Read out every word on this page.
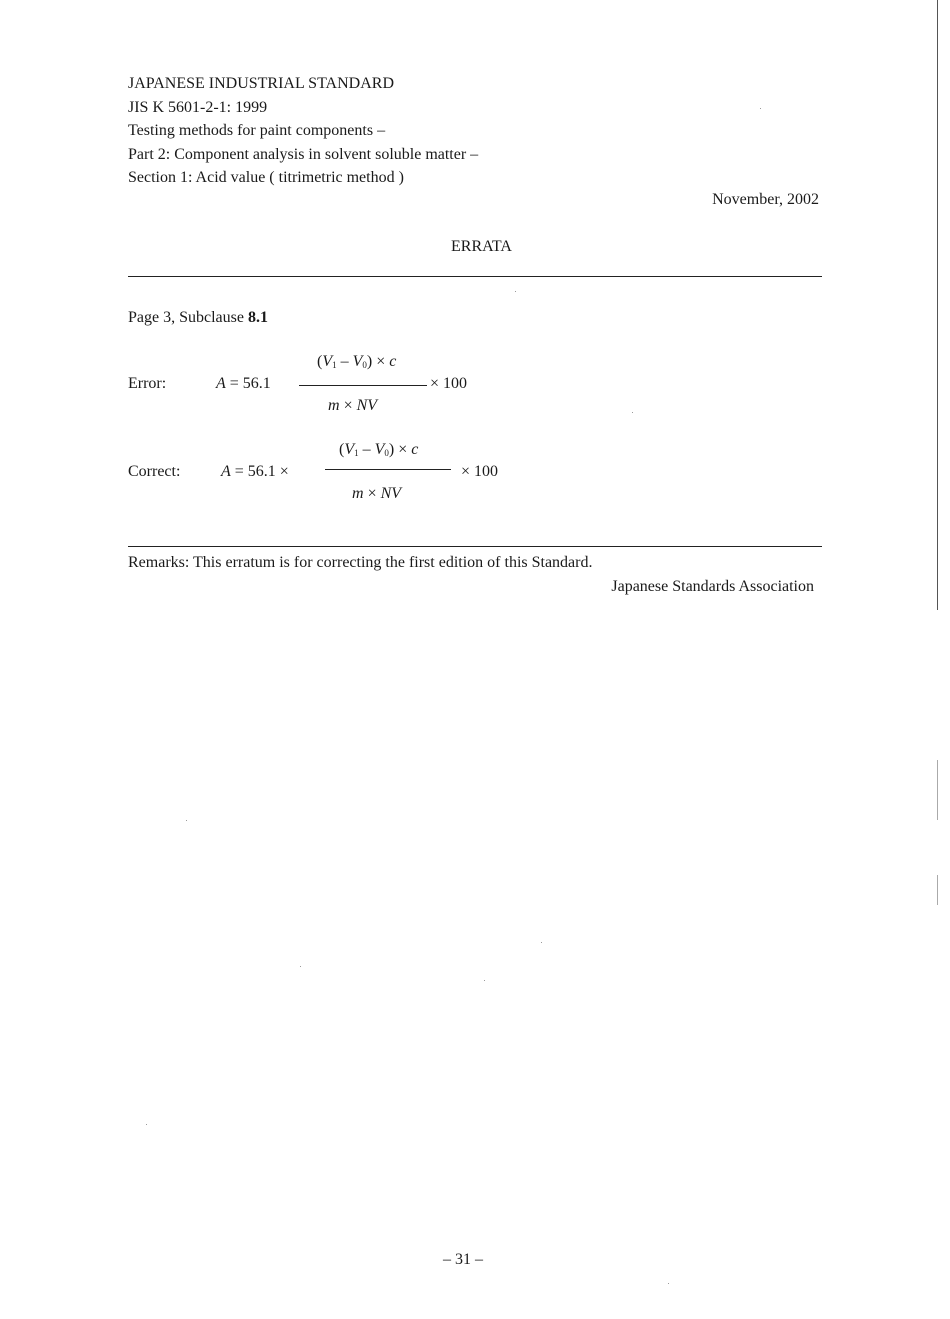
JAPANESE INDUSTRIAL STANDARD
JIS K 5601-2-1: 1999
Testing methods for paint components –
Part 2: Component analysis in solvent soluble matter –
Section 1: Acid value ( titrimetric method )
November, 2002
ERRATA
Page 3, Subclause 8.1
Error:	A = 56.1
$(V_1 - V_0) \times c$
× 100
m × NV
Correct:	A = 56.1 ×
$(V_1 - V_0) \times c$
× 100
m × NV
Remarks: This erratum is for correcting the first edition of this Standard.
Japanese Standards Association
– 31 –
